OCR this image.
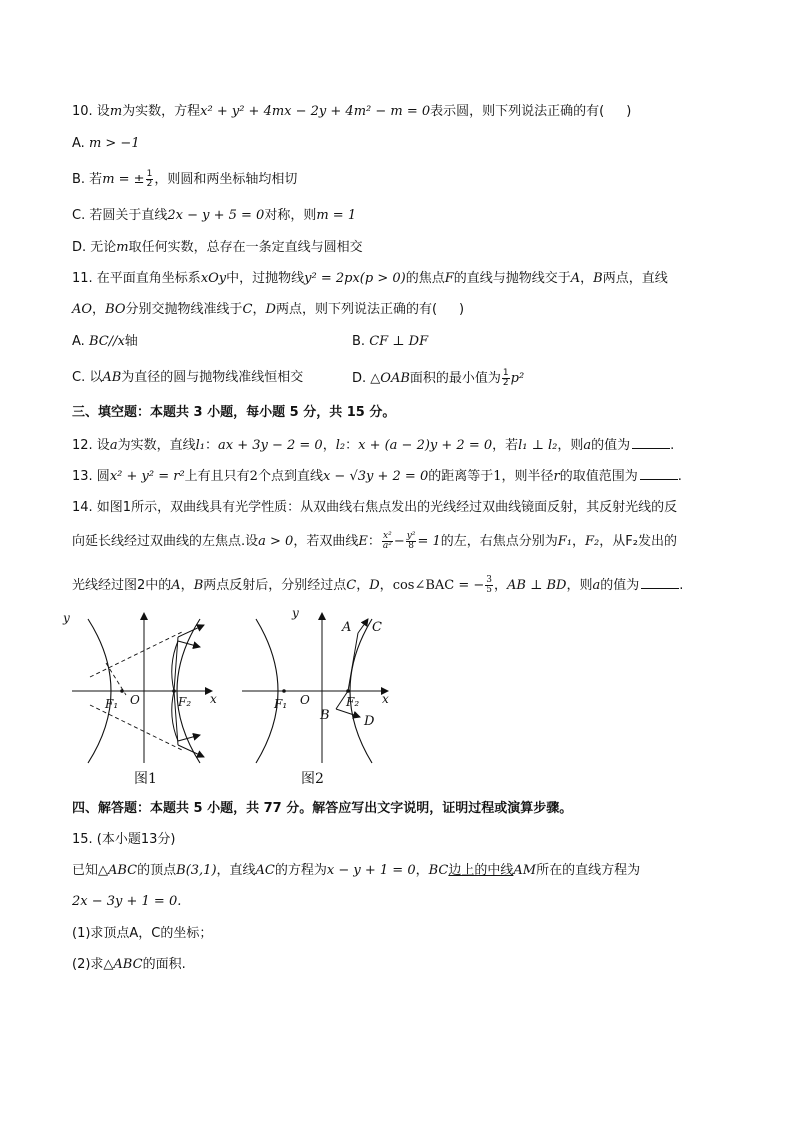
10. 设m为实数，方程x² + y² + 4mx − 2y + 4m² − m = 0表示圆，则下列说法正确的有( )
A. m > −1
B. 若m = ± $\frac{1}{2}$ ，则圆和两坐标轴均相切
C. 若圆关于直线2x − y + 5 = 0对称，则m = 1
D. 无论m取任何实数，总存在一条定直线与圆相交
11. 在平面直角坐标系xOy中，过抛物线y² = 2px(p > 0)的焦点F的直线与抛物线交于A，B两点，直线
AO，BO分别交抛物线准线于C，D两点，则下列说法正确的有( )
A. BC//x轴	B. CF ⊥ DF
C. 以AB为直径的圆与抛物线准线恒相交	D. △OAB面积的最小值为 $\frac{1}{2} p^2$
三、填空题：本题共 3 小题，每小题 5 分，共 15 分。
12. 设a为实数，直线l₁：ax + 3y − 2 = 0，l₂：x + (a − 2)y + 2 = 0，若l₁ ⊥ l₂，则a的值为	.
13. 圆x² + y² = r²上有且只有2个点到直线x − √3y + 2 = 0的距离等于1，则半径r的取值范围为	.
14. 如图1所示，双曲线具有光学性质：从双曲线右焦点发出的光线经过双曲线镜面反射，其反射光线的反
向延长线经过双曲线的左焦点.设a > 0，若双曲线E： $\frac{\text{x²}}{\text{a²}} - \frac{\text{y²}}{8} = 1$的左，右焦点分别为F₁，F₂，从F₂发出的
光线经过图2中的A，B两点反射后，分别经过点C，D，cos∠BAC = − $\frac{3}{5}$ ，AB ⊥ BD，则a的值为	.
y
x
O
F₁	F₂
图1
y
x
O
F₁	F₂
A C
B	D
图2
四、解答题：本题共 5 小题，共 77 分。解答应写出文字说明，证明过程或演算步骤。
15. (本小题13分)
已知△ABC的顶点B(3,1)，直线AC的方程为x − y + 1 = 0，BC边上的中线AM所在的直线方程为
2x − 3y + 1 = 0.
(1)求顶点A，C的坐标；
(2)求△ABC的面积.
